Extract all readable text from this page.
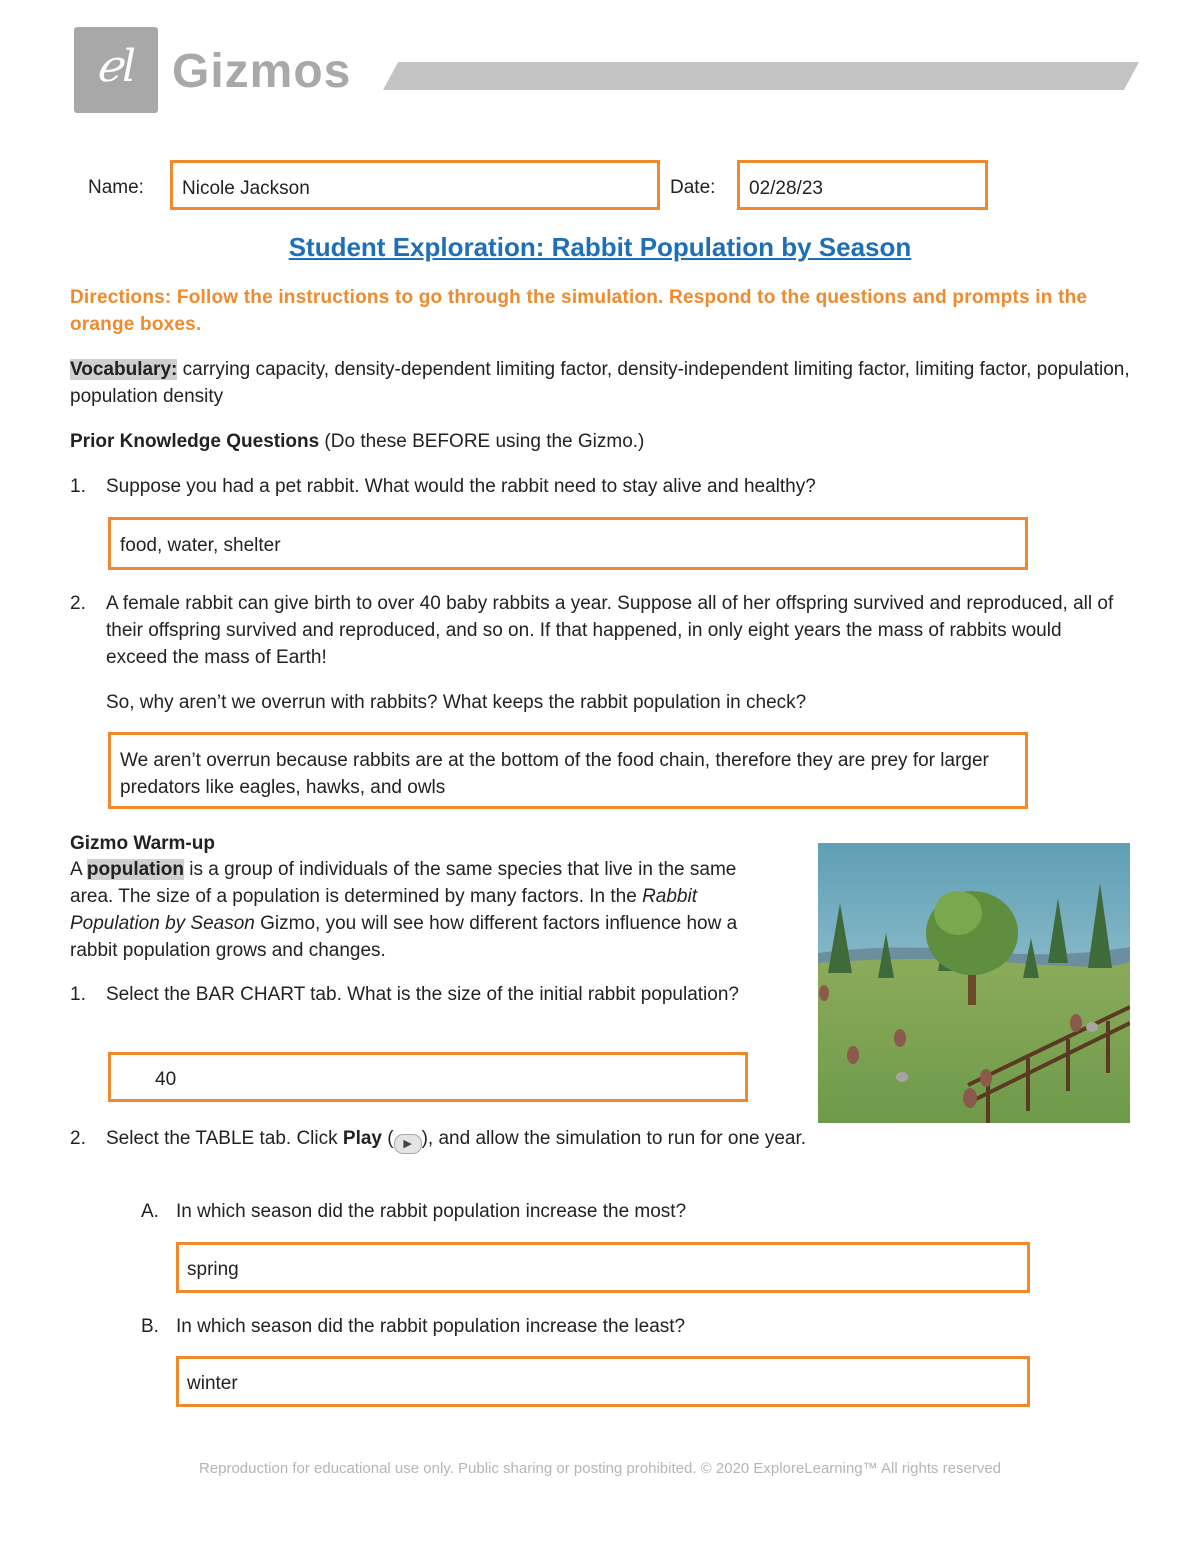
ℯl Gizmos
Name: Nicole Jackson	Date: 02/28/23
Student Exploration: Rabbit Population by Season
Directions: Follow the instructions to go through the simulation. Respond to the questions and prompts in the orange boxes.
Vocabulary: carrying capacity, density-dependent limiting factor, density-independent limiting factor, limiting factor, population, population density
Prior Knowledge Questions (Do these BEFORE using the Gizmo.)
1. Suppose you had a pet rabbit. What would the rabbit need to stay alive and healthy?
food, water, shelter
2. A female rabbit can give birth to over 40 baby rabbits a year. Suppose all of her offspring survived and reproduced, all of their offspring survived and reproduced, and so on. If that happened, in only eight years the mass of rabbits would exceed the mass of Earth!
So, why aren’t we overrun with rabbits? What keeps the rabbit population in check?
We aren’t overrun because rabbits are at the bottom of the food chain, therefore they are prey for larger predators like eagles, hawks, and owls
Gizmo Warm-up
A population is a group of individuals of the same species that live in the same area. The size of a population is determined by many factors. In the Rabbit Population by Season Gizmo, you will see how different factors influence how a rabbit population grows and changes.
1. Select the BAR CHART tab. What is the size of the initial rabbit population?
40
2. Select the TABLE tab. Click Play ( ▶ ), and allow the simulation to run for one year.
A. In which season did the rabbit population increase the most?
spring
B. In which season did the rabbit population increase the least?
winter
Reproduction for educational use only. Public sharing or posting prohibited. © 2020 ExploreLearning™ All rights reserved
